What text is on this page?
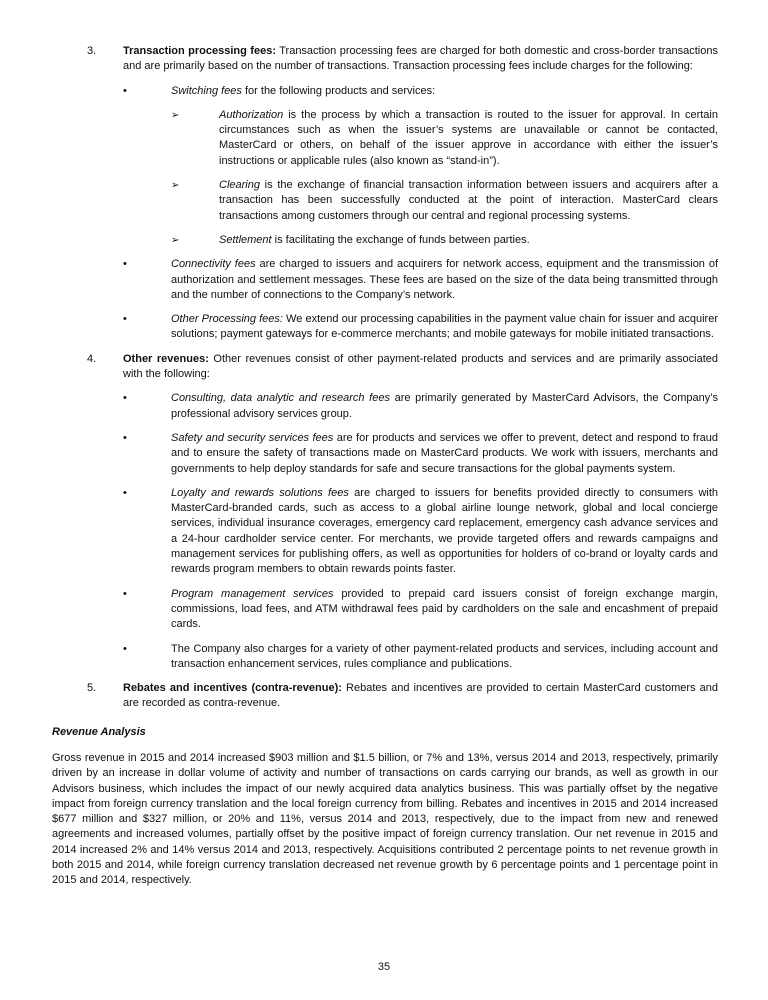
3.	Transaction processing fees: Transaction processing fees are charged for both domestic and cross-border transactions and are primarily based on the number of transactions. Transaction processing fees include charges for the following:

•	Switching fees for the following products and services:

➢	Authorization is the process by which a transaction is routed to the issuer for approval. In certain circumstances such as when the issuer’s systems are unavailable or cannot be contacted, MasterCard or others, on behalf of the issuer approve in accordance with either the issuer’s instructions or applicable rules (also known as “stand-in”).

➢	Clearing is the exchange of financial transaction information between issuers and acquirers after a transaction has been successfully conducted at the point of interaction. MasterCard clears transactions among customers through our central and regional processing systems.

➢	Settlement is facilitating the exchange of funds between parties.

•	Connectivity fees are charged to issuers and acquirers for network access, equipment and the transmission of authorization and settlement messages. These fees are based on the size of the data being transmitted through and the number of connections to the Company’s network.

•	Other Processing fees: We extend our processing capabilities in the payment value chain for issuer and acquirer solutions; payment gateways for e-commerce merchants; and mobile gateways for mobile initiated transactions.

4.	Other revenues: Other revenues consist of other payment-related products and services and are primarily associated with the following:

•	Consulting, data analytic and research fees are primarily generated by MasterCard Advisors, the Company’s professional advisory services group.

•	Safety and security services fees are for products and services we offer to prevent, detect and respond to fraud and to ensure the safety of transactions made on MasterCard products. We work with issuers, merchants and governments to help deploy standards for safe and secure transactions for the global payments system.

•	Loyalty and rewards solutions fees are charged to issuers for benefits provided directly to consumers with MasterCard-branded cards, such as access to a global airline lounge network, global and local concierge services, individual insurance coverages, emergency card replacement, emergency cash advance services and a 24-hour cardholder service center. For merchants, we provide targeted offers and rewards campaigns and management services for publishing offers, as well as opportunities for holders of co-brand or loyalty cards and rewards program members to obtain rewards points faster.

•	Program management services provided to prepaid card issuers consist of foreign exchange margin, commissions, load fees, and ATM withdrawal fees paid by cardholders on the sale and encashment of prepaid cards.

•	The Company also charges for a variety of other payment-related products and services, including account and transaction enhancement services, rules compliance and publications.

5.	Rebates and incentives (contra-revenue): Rebates and incentives are provided to certain MasterCard customers and are recorded as contra-revenue.

Revenue Analysis

Gross revenue in 2015 and 2014 increased $903 million and $1.5 billion, or 7% and 13%, versus 2014 and 2013, respectively, primarily driven by an increase in dollar volume of activity and number of transactions on cards carrying our brands, as well as growth in our Advisors business, which includes the impact of our newly acquired data analytics business. This was partially offset by the negative impact from foreign currency translation and the local foreign currency from billing. Rebates and incentives in 2015 and 2014 increased $677 million and $327 million, or 20% and 11%, versus 2014 and 2013, respectively, due to the impact from new and renewed agreements and increased volumes, partially offset by the positive impact of foreign currency translation. Our net revenue in 2015 and 2014 increased 2% and 14% versus 2014 and 2013, respectively. Acquisitions contributed 2 percentage points to net revenue growth in both 2015 and 2014, while foreign currency translation decreased net revenue growth by 6 percentage points and 1 percentage point in 2015 and 2014, respectively.

35
